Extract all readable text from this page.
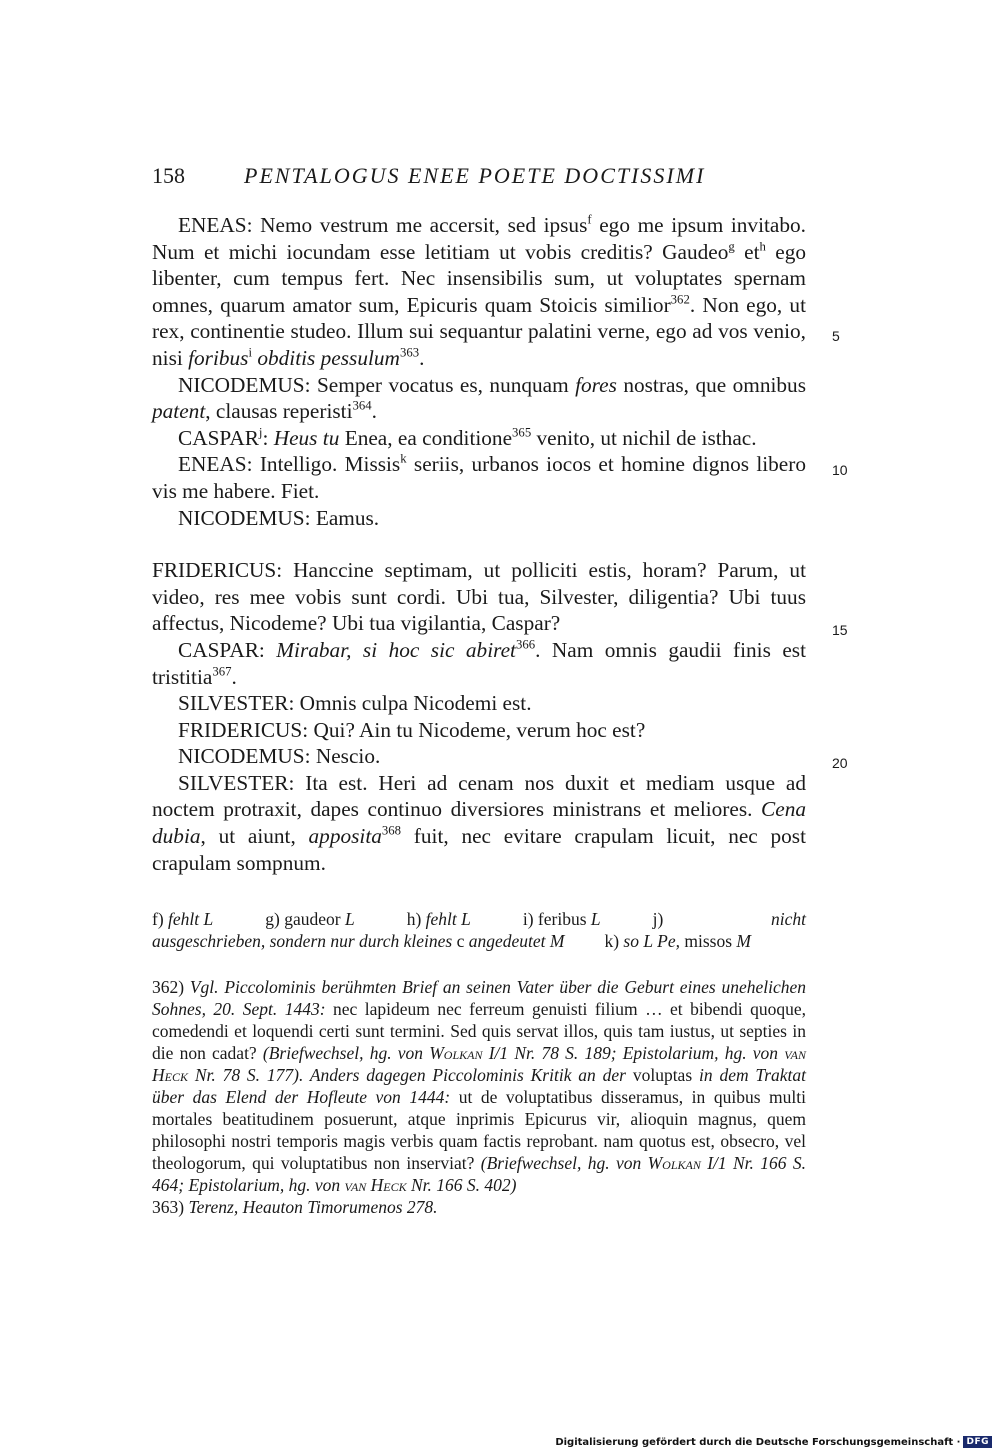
158	PENTALOGUS ENEE POETE DOCTISSIMI

ENEAS: Nemo vestrum me accersit, sed ipsus$^f$ ego me ipsum invitabo. Num et michi iocundam esse letitiam ut vobis creditis? Gaudeo$^g$ $et^h$ ego libenter, cum tempus fert. Nec insensibilis sum, ut voluptates spernam omnes, quarum amator sum, Epicuris quam Stoicis similior$^{362}$. Non ego, ut rex, continentie studeo. Illum sui sequantur palatini verne, ego ad vos venio, nisi foribus$^i$ obditis pessulum$^{363}$.

NICODEMUS: Semper vocatus es, nunquam fores nostras, que omnibus patent, clausas reperisti$^{364}$.

CASPAR$^j$: Heus tu Enea, ea conditione$^{365}$ venito, ut nichil de isthac.

ENEAS: Intelligo. Missis$^k$ seriis, urbanos iocos et homine dignos libero vis me habere. Fiet.

NICODEMUS: Eamus.

FRIDERICUS: Hanccine septimam, ut polliciti estis, horam? Parum, ut video, res mee vobis sunt cordi. Ubi tua, Silvester, diligentia? Ubi tuus affectus, Nicodeme? Ubi tua vigilantia, Caspar?

CASPAR: Mirabar, si hoc sic abiret$^{366}$. Nam omnis gaudii finis est tristitia$^{367}$.

SILVESTER: Omnis culpa Nicodemi est.

FRIDERICUS: Qui? Ain tu Nicodeme, verum hoc est?

NICODEMUS: Nescio.

SILVESTER: Ita est. Heri ad cenam nos duxit et mediam usque ad noctem protraxit, dapes continuo diversiores ministrans et meliores. Cena dubia, ut aiunt, apposita$^{368}$ fuit, nec evitare crapulam licuit, nec post crapulam sompnum.

5
10
15
20
f) fehlt L	g) gaudeor L	h) fehlt L	i) feribus L	j) nicht ausgeschrieben, sondern nur durch kleines c angedeutet M k) so L Pe, missos M

362) Vgl. Piccolominis berühmten Brief an seinen Vater über die Geburt eines unehelichen Sohnes, 20. Sept. 1443: nec lapideum nec ferreum genuisti filium … et bibendi quoque, comedendi et loquendi certi sunt termini. Sed quis servat illos, quis tam iustus, ut septies in die non cadat? (Briefwechsel, hg. von Wolkan I/1 Nr. 78 S. 189; Epistolarium, hg. von van Heck Nr. 78 S. 177). Anders dagegen Piccolominis Kritik an der voluptas in dem Traktat über das Elend der Hofleute von 1444: ut de voluptatibus disseramus, in quibus multi mortales beatitudinem posuerunt, atque inprimis Epicurus vir, alioquin magnus, quem philosophi nostri temporis magis verbis quam factis reprobant. nam quotus est, obsecro, vel theologorum, qui voluptatibus non inserviat? (Briefwechsel, hg. von Wolkan I/1 Nr. 166 S. 464; Epistolarium, hg. von van Heck Nr. 166 S. 402)

363) Terenz, Heauton Timorumenos 278.

Digitalisierung gefördert durch die Deutsche Forschungsgemeinschaft · DFG
